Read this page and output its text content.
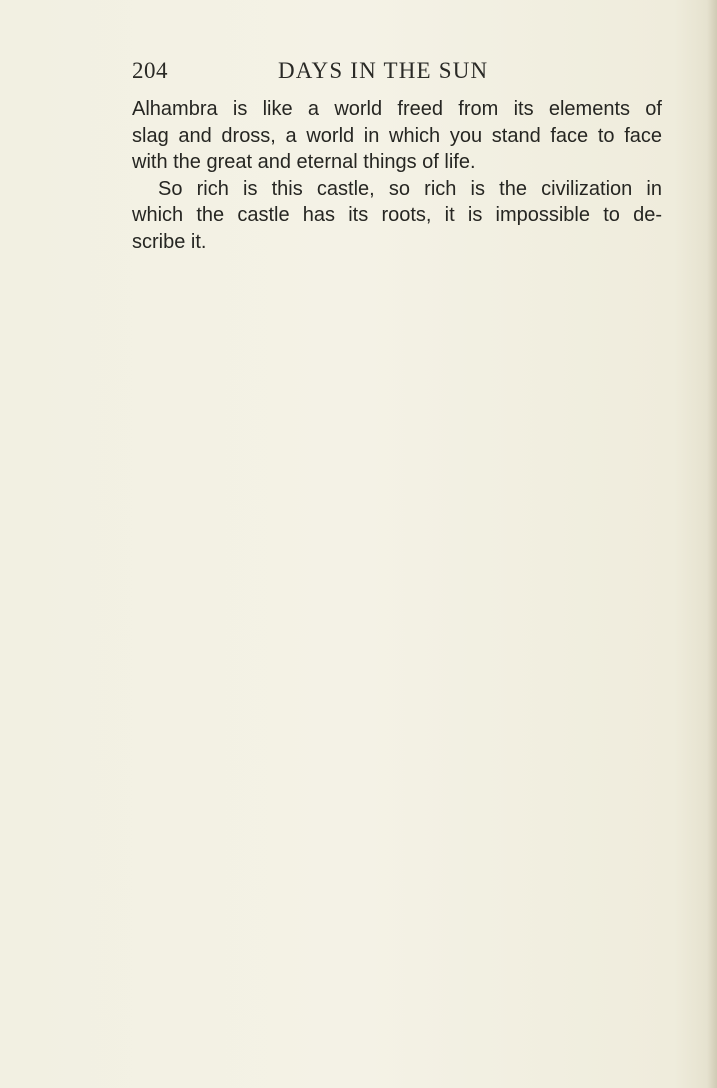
204	DAYS IN THE SUN

Alhambra is like a world freed from its elements of
slag and dross, a world in which you stand face to face
with the great and eternal things of life.

So rich is this castle, so rich is the civilization in
which the castle has its roots, it is impossible to de-
scribe it.
